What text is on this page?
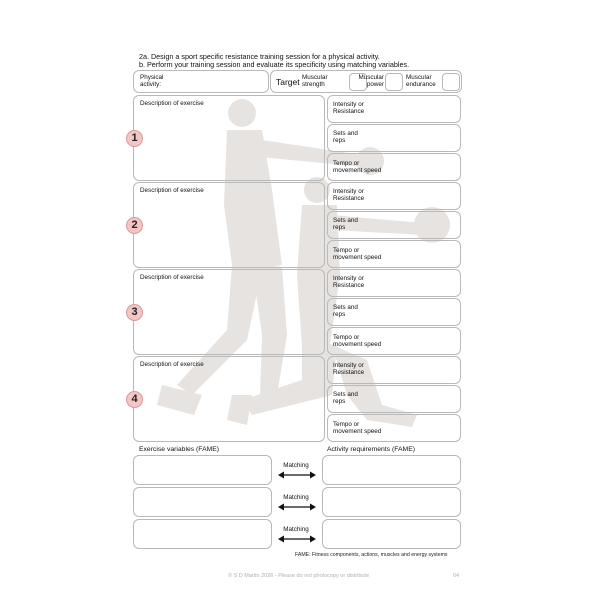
2a. Design a sport specific resistance training session for a physical activity.
b. Perform your training session and evaluate its specificity using matching variables.
Physical
activity:	Target Muscular
strength
Muscular
power
Muscular
endurance
Description of exercise
1
Intensity or
Resistance
Sets and
reps
Tempo or
movement speed
Description of exercise
2
Intensity or
Resistance
Sets and
reps
Tempo or
movement speed
Description of exercise
3
Intensity or
Resistance
Sets and
reps
Tempo or
movement speed
Description of exercise
4
Intensity or
Resistance
Sets and
reps
Tempo or
movement speed
Exercise variables (FAME)	Activity requirements (FAME)
Matching
Matching
Matching
FAME: Fitness components, actions, muscles and energy systems
© S D Martin 2026 - Please do not photocopy or distribute	64
